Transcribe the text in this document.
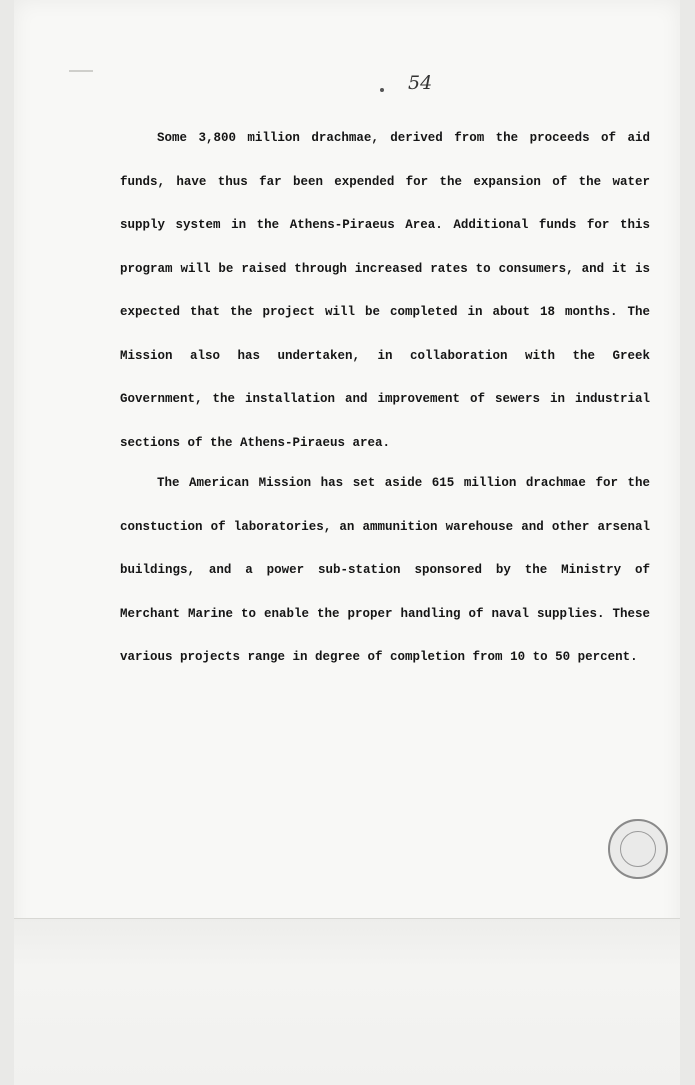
54

Some 3,800 million drachmae, derived from the proceeds of aid funds, have thus far been expended for the expansion of the water supply system in the Athens-Piraeus Area. Additional funds for this program will be raised through increased rates to consumers, and it is expected that the project will be completed in about 18 months. The Mission also has undertaken, in collaboration with the Greek Government, the installation and improvement of sewers in industrial sections of the Athens-Piraeus area.

The American Mission has set aside 615 million drachmae for the constuction of laboratories, an ammunition warehouse and other arsenal buildings, and a power sub-station sponsored by the Ministry of Merchant Marine to enable the proper handling of naval supplies. These various projects range in degree of completion from 10 to 50 percent.
